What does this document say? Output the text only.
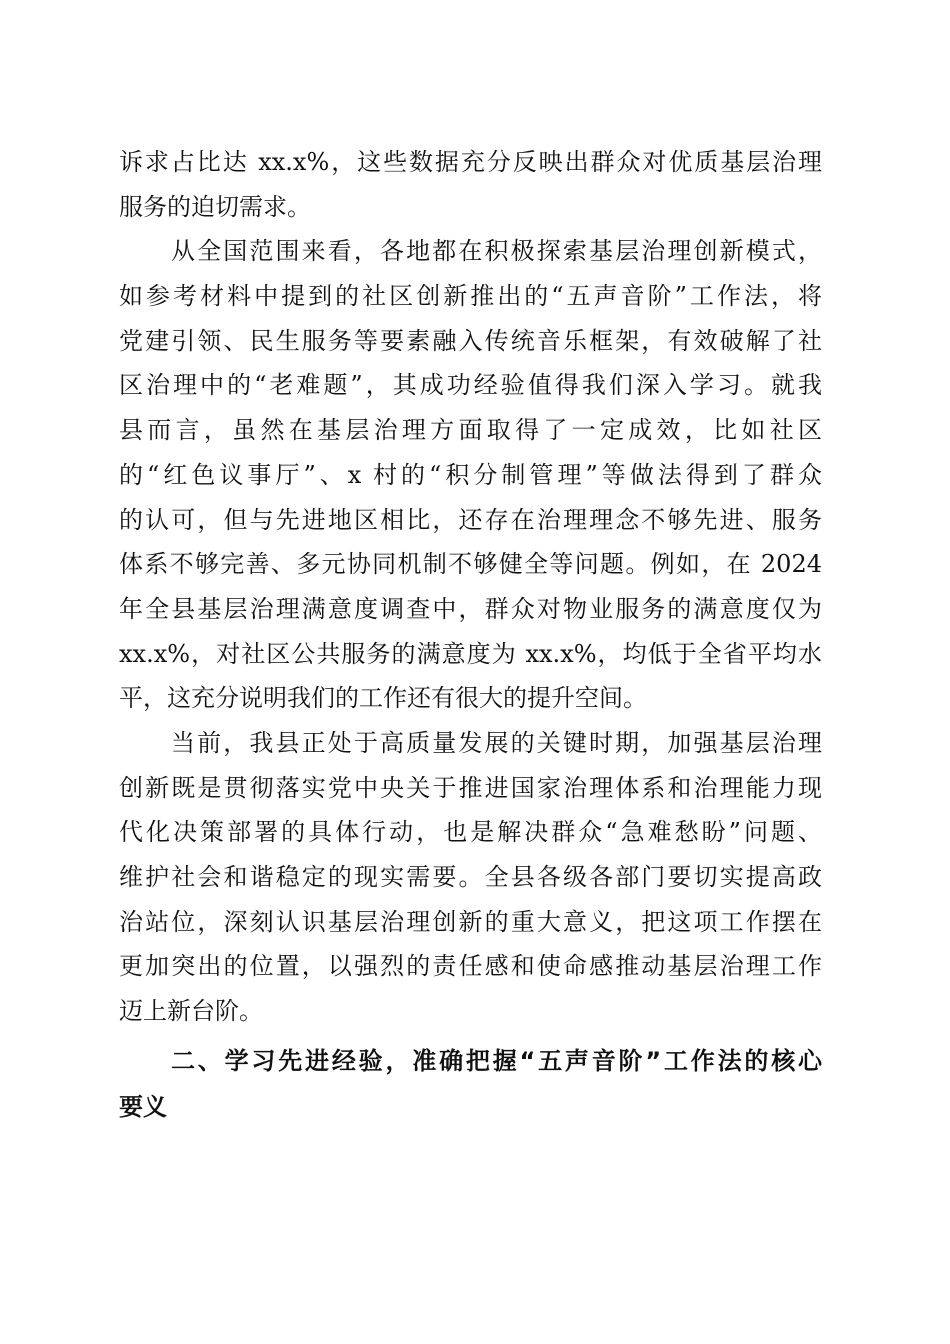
诉求占比达 xx.x%，这些数据充分反映出群众对优质基层治理
服务的迫切需求。
从全国范围来看，各地都在积极探索基层治理创新模式，
如参考材料中提到的社区创新推出的“五声音阶”工作法，将
党建引领、民生服务等要素融入传统音乐框架，有效破解了社
区治理中的“老难题”，其成功经验值得我们深入学习。就我
县而言，虽然在基层治理方面取得了一定成效，比如社区
的“红色议事厅”、x 村的“积分制管理”等做法得到了群众
的认可，但与先进地区相比，还存在治理理念不够先进、服务
体系不够完善、多元协同机制不够健全等问题。例如，在 2024
年全县基层治理满意度调查中，群众对物业服务的满意度仅为
xx.x%，对社区公共服务的满意度为 xx.x%，均低于全省平均水
平，这充分说明我们的工作还有很大的提升空间。
当前，我县正处于高质量发展的关键时期，加强基层治理
创新既是贯彻落实党中央关于推进国家治理体系和治理能力现
代化决策部署的具体行动，也是解决群众“急难愁盼”问题、
维护社会和谐稳定的现实需要。全县各级各部门要切实提高政
治站位，深刻认识基层治理创新的重大意义，把这项工作摆在
更加突出的位置，以强烈的责任感和使命感推动基层治理工作
迈上新台阶。
二、学习先进经验，准确把握“五声音阶”工作法的核心
要义
